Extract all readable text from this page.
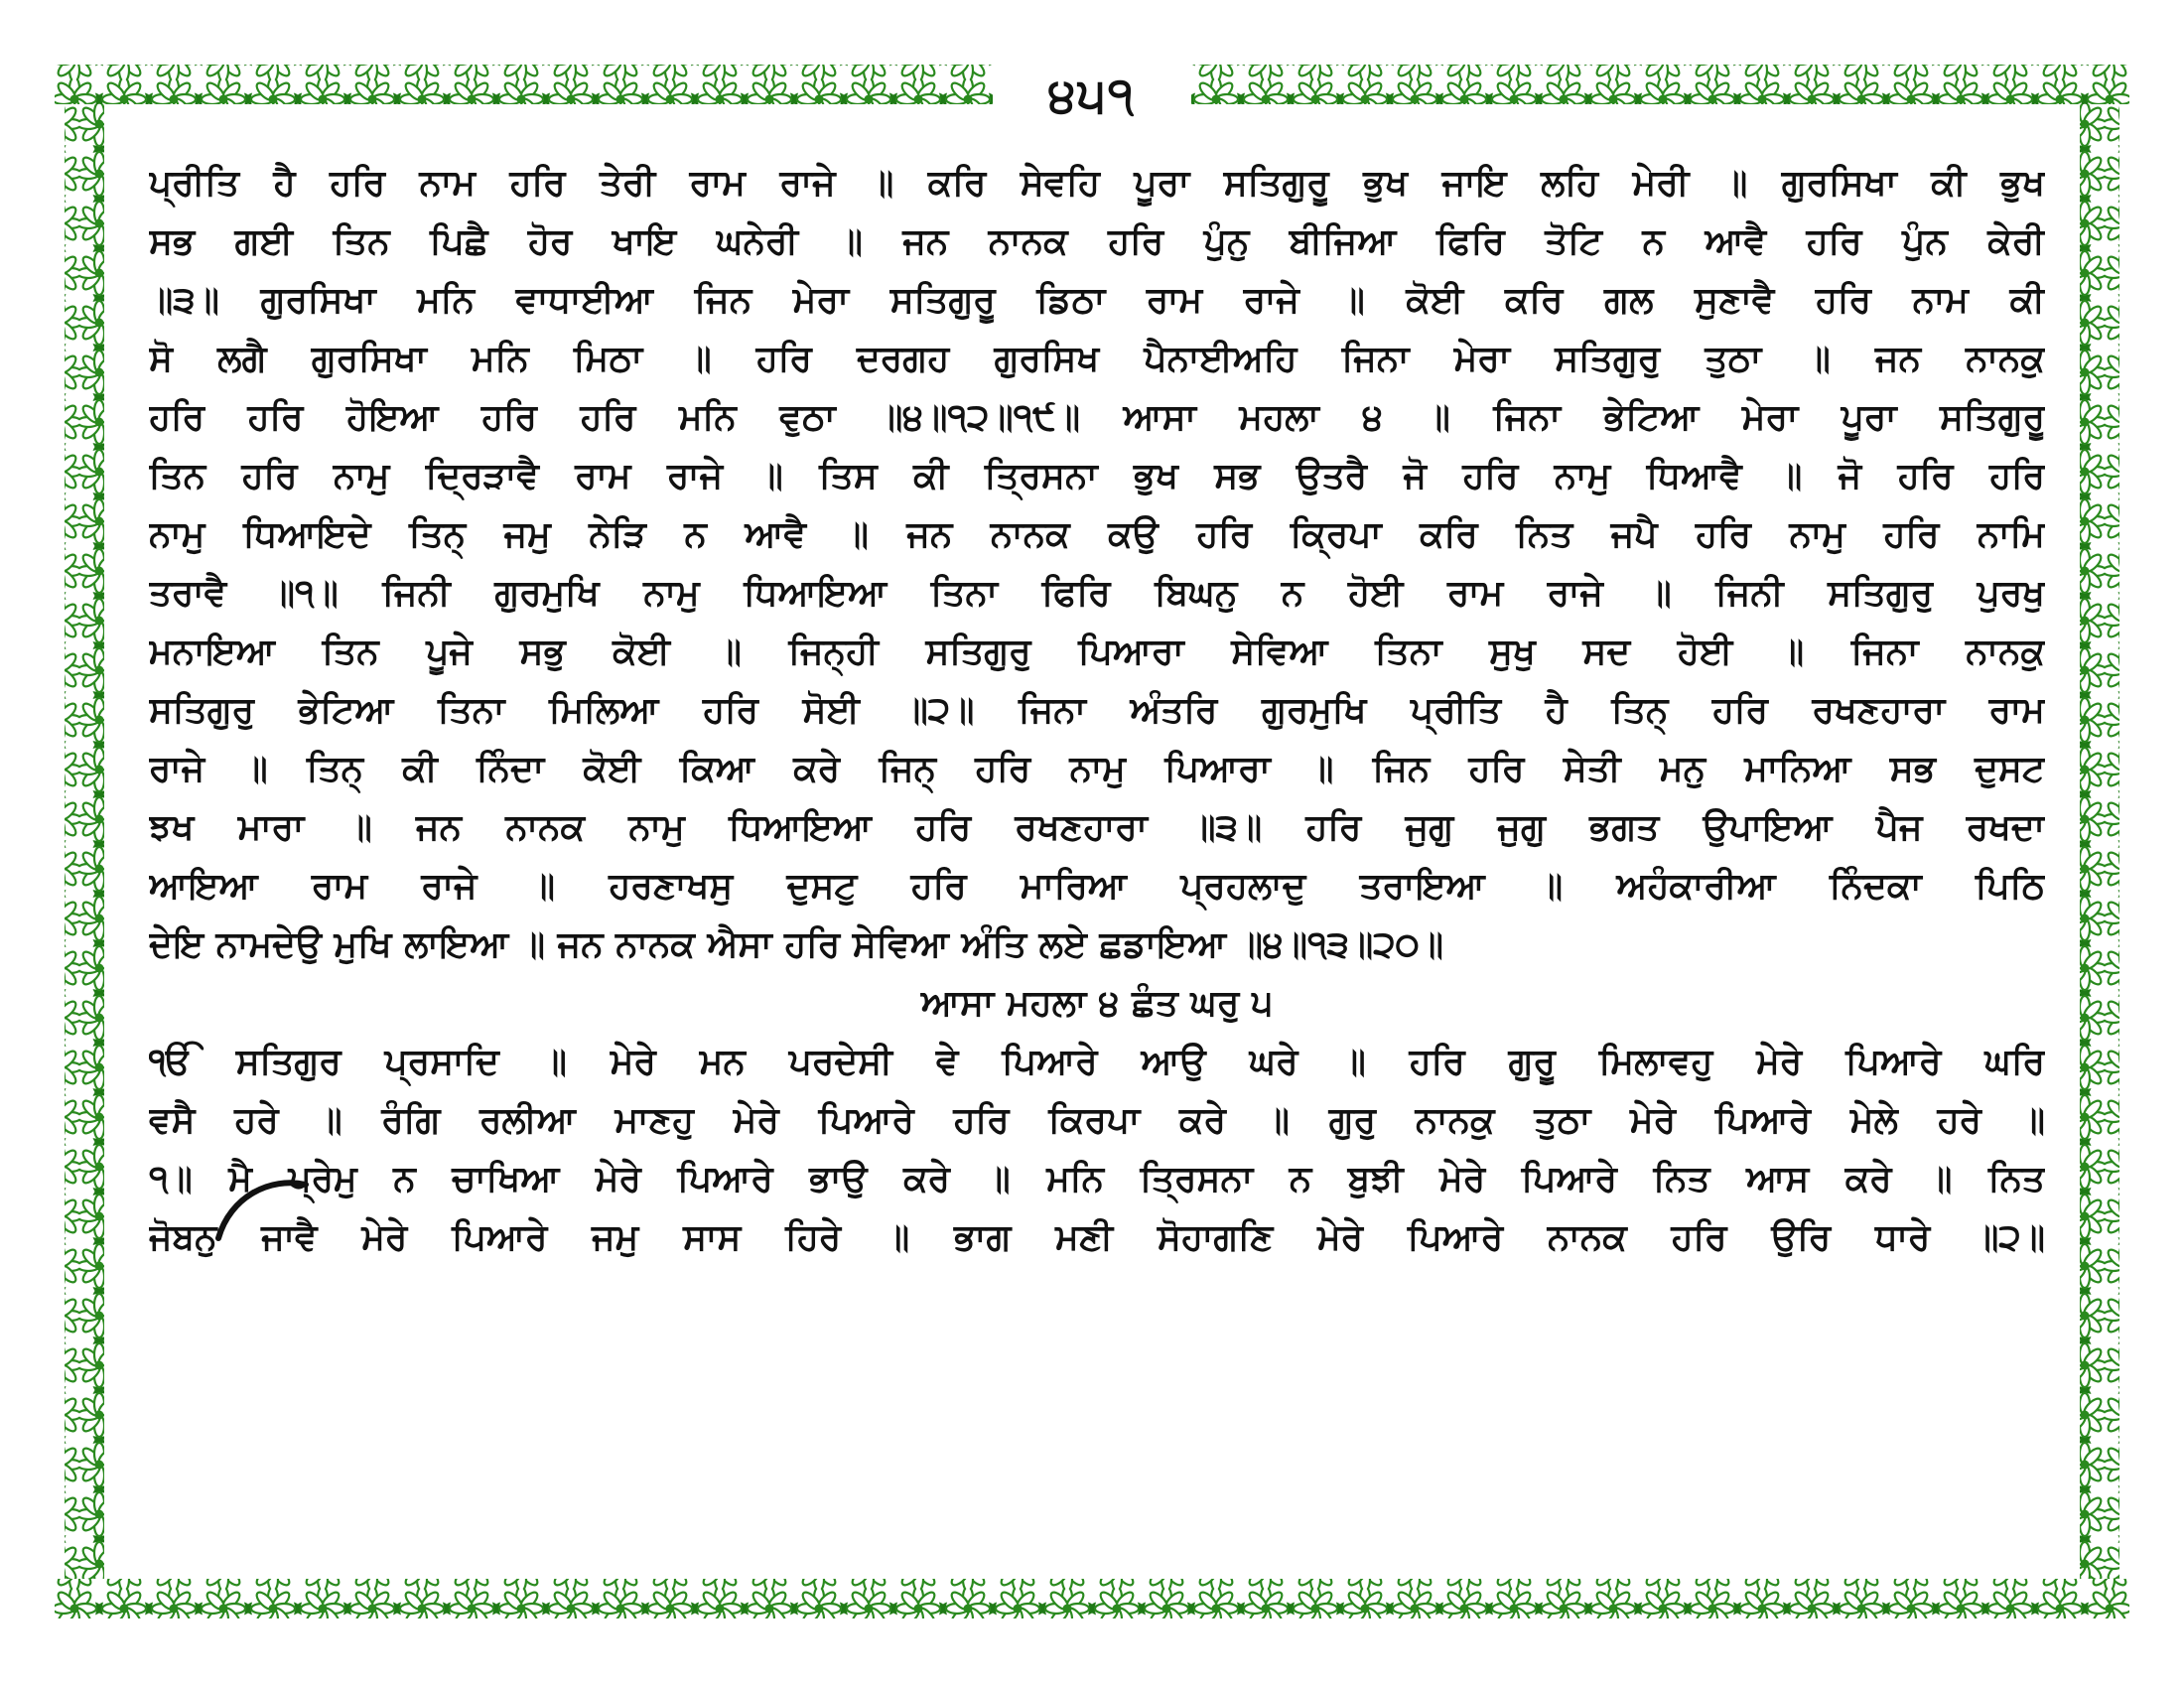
੪੫੧
ਪ੍ਰੀਤਿ ਹੈ ਹਰਿ ਨਾਮ ਹਰਿ ਤੇਰੀ ਰਾਮ ਰਾਜੇ ॥ ਕਰਿ ਸੇਵਹਿ ਪੂਰਾ ਸਤਿਗੁਰੂ ਭੁਖ ਜਾਇ ਲਹਿ ਮੇਰੀ ॥ ਗੁਰਸਿਖਾ ਕੀ ਭੁਖ
ਸਭ ਗਈ ਤਿਨ ਪਿਛੈ ਹੋਰ ਖਾਇ ਘਨੇਰੀ ॥ ਜਨ ਨਾਨਕ ਹਰਿ ਪੁੰਨੁ ਬੀਜਿਆ ਫਿਰਿ ਤੋਟਿ ਨ ਆਵੈ ਹਰਿ ਪੁੰਨ ਕੇਰੀ
॥੩॥ ਗੁਰਸਿਖਾ ਮਨਿ ਵਾਧਾਈਆ ਜਿਨ ਮੇਰਾ ਸਤਿਗੁਰੂ ਡਿਠਾ ਰਾਮ ਰਾਜੇ ॥ ਕੋਈ ਕਰਿ ਗਲ ਸੁਣਾਵੈ ਹਰਿ ਨਾਮ ਕੀ
ਸੋ ਲਗੈ ਗੁਰਸਿਖਾ ਮਨਿ ਮਿਠਾ ॥ ਹਰਿ ਦਰਗਹ ਗੁਰਸਿਖ ਪੈਨਾਈਅਹਿ ਜਿਨਾ ਮੇਰਾ ਸਤਿਗੁਰੁ ਤੁਠਾ ॥ ਜਨ ਨਾਨਕੁ
ਹਰਿ ਹਰਿ ਹੋਇਆ ਹਰਿ ਹਰਿ ਮਨਿ ਵੁਠਾ ॥੪॥੧੨॥੧੯॥ ਆਸਾ ਮਹਲਾ ੪ ॥ ਜਿਨਾ ਭੇਟਿਆ ਮੇਰਾ ਪੂਰਾ ਸਤਿਗੁਰੂ
ਤਿਨ ਹਰਿ ਨਾਮੁ ਦ੍ਰਿੜਾਵੈ ਰਾਮ ਰਾਜੇ ॥ ਤਿਸ ਕੀ ਤ੍ਰਿਸਨਾ ਭੁਖ ਸਭ ਉਤਰੈ ਜੋ ਹਰਿ ਨਾਮੁ ਧਿਆਵੈ ॥ ਜੋ ਹਰਿ ਹਰਿ
ਨਾਮੁ ਧਿਆਇਦੇ ਤਿਨ੍ ਜਮੁ ਨੇੜਿ ਨ ਆਵੈ ॥ ਜਨ ਨਾਨਕ ਕਉ ਹਰਿ ਕ੍ਰਿਪਾ ਕਰਿ ਨਿਤ ਜਪੈ ਹਰਿ ਨਾਮੁ ਹਰਿ ਨਾਮਿ
ਤਰਾਵੈ ॥੧॥ ਜਿਨੀ ਗੁਰਮੁਖਿ ਨਾਮੁ ਧਿਆਇਆ ਤਿਨਾ ਫਿਰਿ ਬਿਘਨੁ ਨ ਹੋਈ ਰਾਮ ਰਾਜੇ ॥ ਜਿਨੀ ਸਤਿਗੁਰੁ ਪੁਰਖੁ
ਮਨਾਇਆ ਤਿਨ ਪੂਜੇ ਸਭੁ ਕੋਈ ॥ ਜਿਨ੍ਹੀ ਸਤਿਗੁਰੁ ਪਿਆਰਾ ਸੇਵਿਆ ਤਿਨਾ ਸੁਖੁ ਸਦ ਹੋਈ ॥ ਜਿਨਾ ਨਾਨਕੁ
ਸਤਿਗੁਰੁ ਭੇਟਿਆ ਤਿਨਾ ਮਿਲਿਆ ਹਰਿ ਸੋਈ ॥੨॥ ਜਿਨਾ ਅੰਤਰਿ ਗੁਰਮੁਖਿ ਪ੍ਰੀਤਿ ਹੈ ਤਿਨ੍ ਹਰਿ ਰਖਣਹਾਰਾ ਰਾਮ
ਰਾਜੇ ॥ ਤਿਨ੍ ਕੀ ਨਿੰਦਾ ਕੋਈ ਕਿਆ ਕਰੇ ਜਿਨ੍ ਹਰਿ ਨਾਮੁ ਪਿਆਰਾ ॥ ਜਿਨ ਹਰਿ ਸੇਤੀ ਮਨੁ ਮਾਨਿਆ ਸਭ ਦੁਸਟ
ਝਖ ਮਾਰਾ ॥ ਜਨ ਨਾਨਕ ਨਾਮੁ ਧਿਆਇਆ ਹਰਿ ਰਖਣਹਾਰਾ ॥੩॥ ਹਰਿ ਜੁਗੁ ਜੁਗੁ ਭਗਤ ਉਪਾਇਆ ਪੈਜ ਰਖਦਾ
ਆਇਆ ਰਾਮ ਰਾਜੇ ॥ ਹਰਣਾਖਸੁ ਦੁਸਟੁ ਹਰਿ ਮਾਰਿਆ ਪ੍ਰਹਲਾਦੁ ਤਰਾਇਆ ॥ ਅਹੰਕਾਰੀਆ ਨਿੰਦਕਾ ਪਿਠਿ
ਦੇਇ ਨਾਮਦੇਉ ਮੁਖਿ ਲਾਇਆ ॥ ਜਨ ਨਾਨਕ ਐਸਾ ਹਰਿ ਸੇਵਿਆ ਅੰਤਿ ਲਏ ਛਡਾਇਆ ॥੪॥੧੩॥੨੦॥
ਆਸਾ ਮਹਲਾ ੪ ਛੰਤ ਘਰੁ ੫
ੴ ਸਤਿਗੁਰ ਪ੍ਰਸਾਦਿ ॥ ਮੇਰੇ ਮਨ ਪਰਦੇਸੀ ਵੇ ਪਿਆਰੇ ਆਉ ਘਰੇ ॥ ਹਰਿ ਗੁਰੂ ਮਿਲਾਵਹੁ ਮੇਰੇ ਪਿਆਰੇ ਘਰਿ
ਵਸੈ ਹਰੇ ॥ ਰੰਗਿ ਰਲੀਆ ਮਾਣਹੁ ਮੇਰੇ ਪਿਆਰੇ ਹਰਿ ਕਿਰਪਾ ਕਰੇ ॥ ਗੁਰੁ ਨਾਨਕੁ ਤੁਠਾ ਮੇਰੇ ਪਿਆਰੇ ਮੇਲੇ ਹਰੇ ॥
੧॥ ਮੈ ਪ੍ਰੇਮੁ ਨ ਚਾਖਿਆ ਮੇਰੇ ਪਿਆਰੇ ਭਾਉ ਕਰੇ ॥ ਮਨਿ ਤ੍ਰਿਸਨਾ ਨ ਬੁਝੀ ਮੇਰੇ ਪਿਆਰੇ ਨਿਤ ਆਸ ਕਰੇ ॥ ਨਿਤ
ਜੋਬਨੁ ਜਾਵੈ ਮੇਰੇ ਪਿਆਰੇ ਜਮੁ ਸਾਸ ਹਿਰੇ ॥ ਭਾਗ ਮਣੀ ਸੋਹਾਗਣਿ ਮੇਰੇ ਪਿਆਰੇ ਨਾਨਕ ਹਰਿ ਉਰਿ ਧਾਰੇ ॥੨॥
